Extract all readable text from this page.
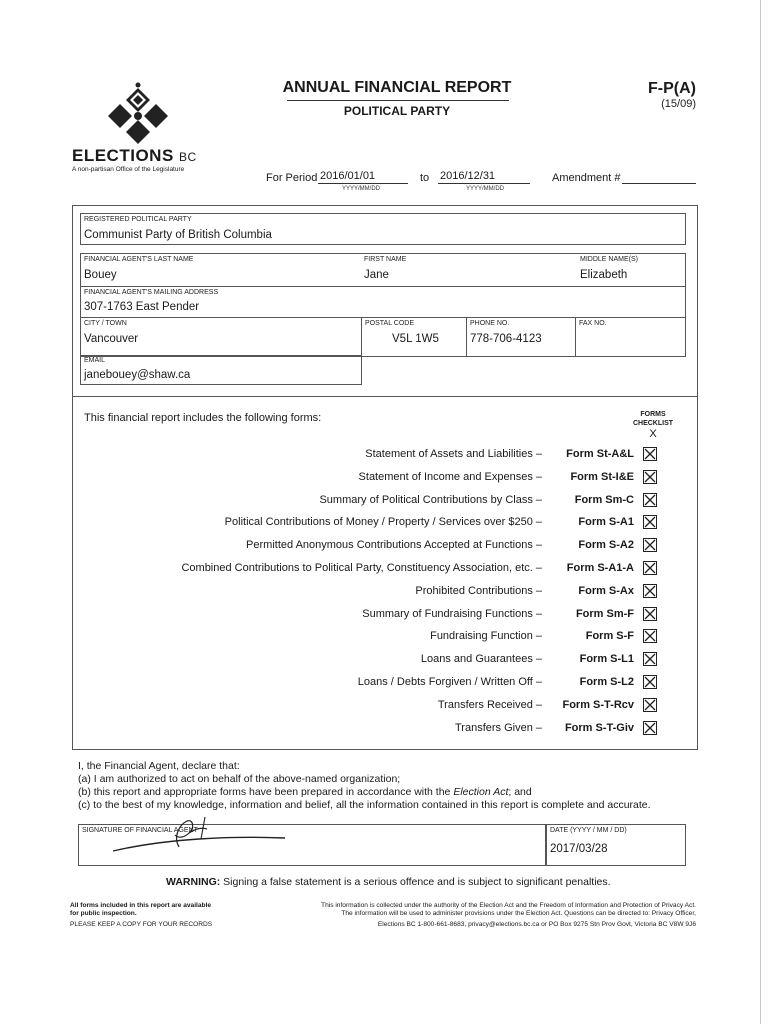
ELECTIONS BC
A non-partisan Office of the Legislature
ANNUAL FINANCIAL REPORT
POLITICAL PARTY
F-P(A)
(15/09)
For Period 2016/01/01
YYYY/MM/DD
to 2016/12/31
YYYY/MM/DD
Amendment #
REGISTERED POLITICAL PARTY
Communist Party of British Columbia
FINANCIAL AGENT'S LAST NAME
Bouey
FIRST NAME
Jane
MIDDLE NAME(S)
Elizabeth
FINANCIAL AGENT'S MAILING ADDRESS
307-1763 East Pender
CITY / TOWN
Vancouver
POSTAL CODE
V5L 1W5
PHONE NO.
778-706-4123
FAX NO.
EMAIL
janebouey@shaw.ca
This financial report includes the following forms:	FORMS
CHECKLIST
X
Statement of Assets and Liabilities –	Form St-A&L
Statement of Income and Expenses –	Form St-I&E
Summary of Political Contributions by Class –	Form Sm-C
Political Contributions of Money / Property / Services over $250 –	Form S-A1
Permitted Anonymous Contributions Accepted at Functions –	Form S-A2
Combined Contributions to Political Party, Constituency Association, etc. –	Form S-A1-A
Prohibited Contributions –	Form S-Ax
Summary of Fundraising Functions –	Form Sm-F
Fundraising Function –	Form S-F
Loans and Guarantees –	Form S-L1
Loans / Debts Forgiven / Written Off –	Form S-L2
Transfers Received –	Form S-T-Rcv
Transfers Given –	Form S-T-Giv
I, the Financial Agent, declare that:
(a) I am authorized to act on behalf of the above-named organization;
(b) this report and appropriate forms have been prepared in accordance with the Election Act; and
(c) to the best of my knowledge, information and belief, all the information contained in this report is complete and accurate.
SIGNATURE OF FINANCIAL AGENT	DATE (YYYY / MM / DD)
2017/03/28
WARNING: Signing a false statement is a serious offence and is subject to significant penalties.
All forms included in this report are available
for public inspection.
PLEASE KEEP A COPY FOR YOUR RECORDS
This information is collected under the authority of the Election Act and the Freedom of Information and Protection of Privacy Act.
The information will be used to administer provisions under the Election Act. Questions can be directed to: Privacy Officer,
Elections BC 1-800-661-8683, privacy@elections.bc.ca or PO Box 9275 Stn Prov Govt, Victoria BC V8W 9J6
